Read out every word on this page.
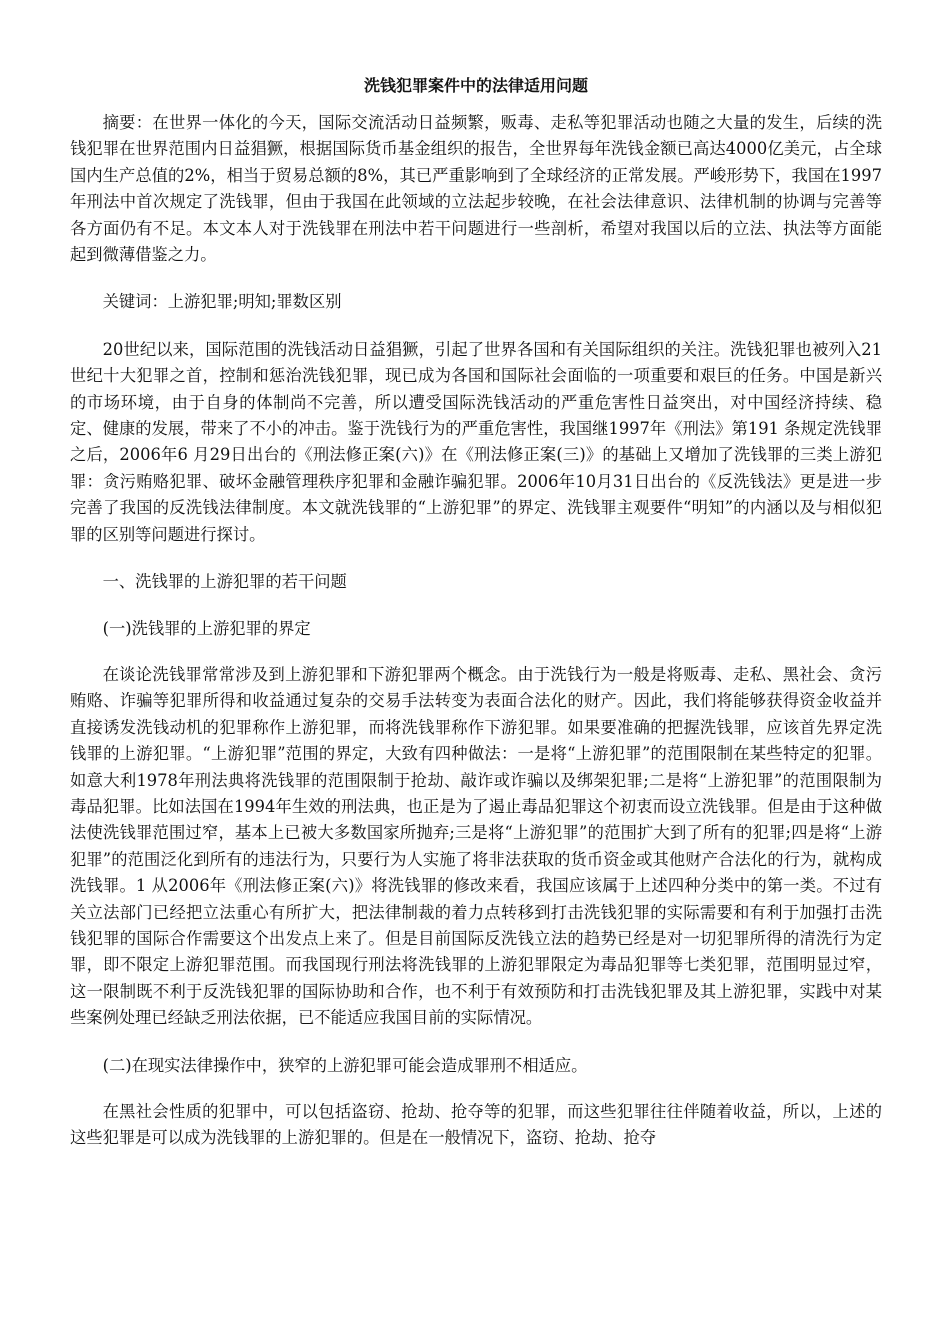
洗钱犯罪案件中的法律适用问题

摘要：在世界一体化的今天，国际交流活动日益频繁，贩毒、走私等犯罪活动也随之大量的发生，后续的洗钱犯罪在世界范围内日益猖獗，根据国际货币基金组织的报告，全世界每年洗钱金额已高达4000亿美元，占全球国内生产总值的2%，相当于贸易总额的8%，其已严重影响到了全球经济的正常发展。严峻形势下，我国在1997年刑法中首次规定了洗钱罪，但由于我国在此领域的立法起步较晚，在社会法律意识、法律机制的协调与完善等各方面仍有不足。本文本人对于洗钱罪在刑法中若干问题进行一些剖析，希望对我国以后的立法、执法等方面能起到微薄借鉴之力。

关键词：上游犯罪;明知;罪数区别

20世纪以来，国际范围的洗钱活动日益猖獗，引起了世界各国和有关国际组织的关注。洗钱犯罪也被列入21世纪十大犯罪之首，控制和惩治洗钱犯罪，现已成为各国和国际社会面临的一项重要和艰巨的任务。中国是新兴的市场环境，由于自身的体制尚不完善，所以遭受国际洗钱活动的严重危害性日益突出，对中国经济持续、稳定、健康的发展，带来了不小的冲击。鉴于洗钱行为的严重危害性，我国继1997年《刑法》第191 条规定洗钱罪之后，2006年6 月29日出台的《刑法修正案(六)》在《刑法修正案(三)》的基础上又增加了洗钱罪的三类上游犯罪：贪污贿赂犯罪、破坏金融管理秩序犯罪和金融诈骗犯罪。2006年10月31日出台的《反洗钱法》更是进一步完善了我国的反洗钱法律制度。本文就洗钱罪的“上游犯罪”的界定、洗钱罪主观要件“明知”的内涵以及与相似犯罪的区别等问题进行探讨。

一、洗钱罪的上游犯罪的若干问题

(一)洗钱罪的上游犯罪的界定

在谈论洗钱罪常常涉及到上游犯罪和下游犯罪两个概念。由于洗钱行为一般是将贩毒、走私、黑社会、贪污贿赂、诈骗等犯罪所得和收益通过复杂的交易手法转变为表面合法化的财产。因此，我们将能够获得资金收益并直接诱发洗钱动机的犯罪称作上游犯罪，而将洗钱罪称作下游犯罪。如果要准确的把握洗钱罪，应该首先界定洗钱罪的上游犯罪。“上游犯罪”范围的界定，大致有四种做法：一是将“上游犯罪”的范围限制在某些特定的犯罪。如意大利1978年刑法典将洗钱罪的范围限制于抢劫、敲诈或诈骗以及绑架犯罪;二是将“上游犯罪”的范围限制为毒品犯罪。比如法国在1994年生效的刑法典，也正是为了遏止毒品犯罪这个初衷而设立洗钱罪。但是由于这种做法使洗钱罪范围过窄，基本上已被大多数国家所抛弃;三是将“上游犯罪”的范围扩大到了所有的犯罪;四是将“上游犯罪”的范围泛化到所有的违法行为，只要行为人实施了将非法获取的货币资金或其他财产合法化的行为，就构成洗钱罪。1 从2006年《刑法修正案(六)》将洗钱罪的修改来看，我国应该属于上述四种分类中的第一类。不过有关立法部门已经把立法重心有所扩大，把法律制裁的着力点转移到打击洗钱犯罪的实际需要和有利于加强打击洗钱犯罪的国际合作需要这个出发点上来了。但是目前国际反洗钱立法的趋势已经是对一切犯罪所得的清洗行为定罪，即不限定上游犯罪范围。而我国现行刑法将洗钱罪的上游犯罪限定为毒品犯罪等七类犯罪，范围明显过窄，这一限制既不利于反洗钱犯罪的国际协助和合作，也不利于有效预防和打击洗钱犯罪及其上游犯罪，实践中对某些案例处理已经缺乏刑法依据，已不能适应我国目前的实际情况。

(二)在现实法律操作中，狭窄的上游犯罪可能会造成罪刑不相适应。

在黑社会性质的犯罪中，可以包括盗窃、抢劫、抢夺等的犯罪，而这些犯罪往往伴随着收益，所以，上述的这些犯罪是可以成为洗钱罪的上游犯罪的。但是在一般情况下，盗窃、抢劫、抢夺
